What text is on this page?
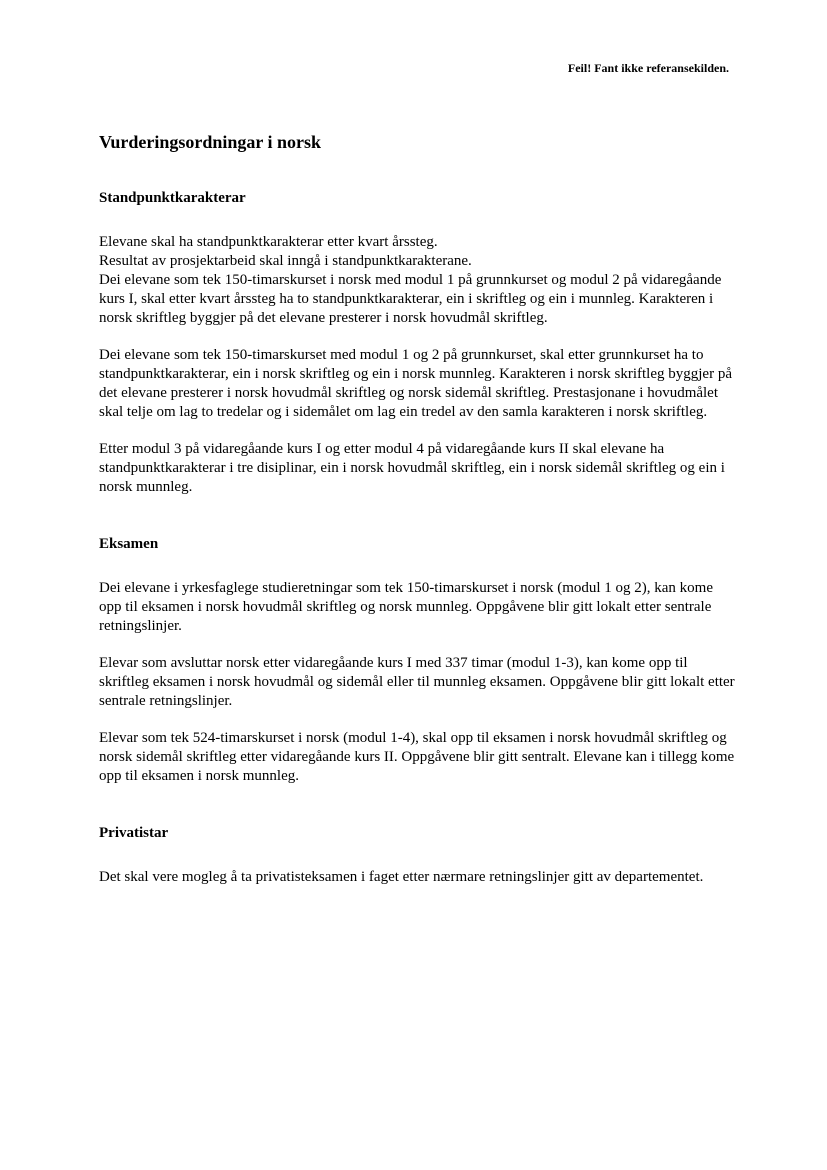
Feil! Fant ikke referansekilden.
Vurderingsordningar i norsk
Standpunktkarakterar

Elevane skal ha standpunktkarakterar etter kvart årssteg.
Resultat av prosjektarbeid skal inngå i standpunktkarakterane.

Dei elevane som tek 150-timarskurset i norsk med modul 1 på grunnkurset og modul 2 på vidaregåande kurs I, skal etter kvart årssteg ha to standpunktkarakterar, ein i skriftleg og ein i munnleg. Karakteren i norsk skriftleg byggjer på det elevane presterer i norsk hovudmål skriftleg.

Dei elevane som tek 150-timarskurset med modul 1 og 2 på grunnkurset, skal etter grunnkurset ha to standpunktkarakterar, ein i norsk skriftleg og ein i norsk munnleg. Karakteren i norsk skriftleg byggjer på det elevane presterer i norsk hovudmål skriftleg og norsk sidemål skriftleg. Prestasjonane i hovudmålet skal telje om lag to tredelar og i sidemålet om lag ein tredel av den samla karakteren i norsk skriftleg.

Etter modul 3 på vidaregåande kurs I og etter modul 4 på vidaregåande kurs II skal elevane ha standpunktkarakterar i tre disiplinar, ein i norsk hovudmål skriftleg, ein i norsk sidemål skriftleg og ein i norsk munnleg.

Eksamen

Dei elevane i yrkesfaglege studieretningar som tek 150-timarskurset i norsk (modul 1 og 2), kan kome opp til eksamen i norsk hovudmål skriftleg og norsk munnleg. Oppgåvene blir gitt lokalt etter sentrale retningslinjer.

Elevar som avsluttar norsk etter vidaregåande kurs I med 337 timar (modul 1-3), kan kome opp til skriftleg eksamen i norsk hovudmål og sidemål eller til munnleg eksamen. Oppgåvene blir gitt lokalt etter sentrale retningslinjer.

Elevar som tek 524-timarskurset i norsk (modul 1-4), skal opp til eksamen i norsk hovudmål skriftleg og norsk sidemål skriftleg etter vidaregåande kurs II. Oppgåvene blir gitt sentralt. Elevane kan i tillegg kome opp til eksamen i norsk munnleg.

Privatistar

Det skal vere mogleg å ta privatisteksamen i faget etter nærmare retningslinjer gitt av departementet.
